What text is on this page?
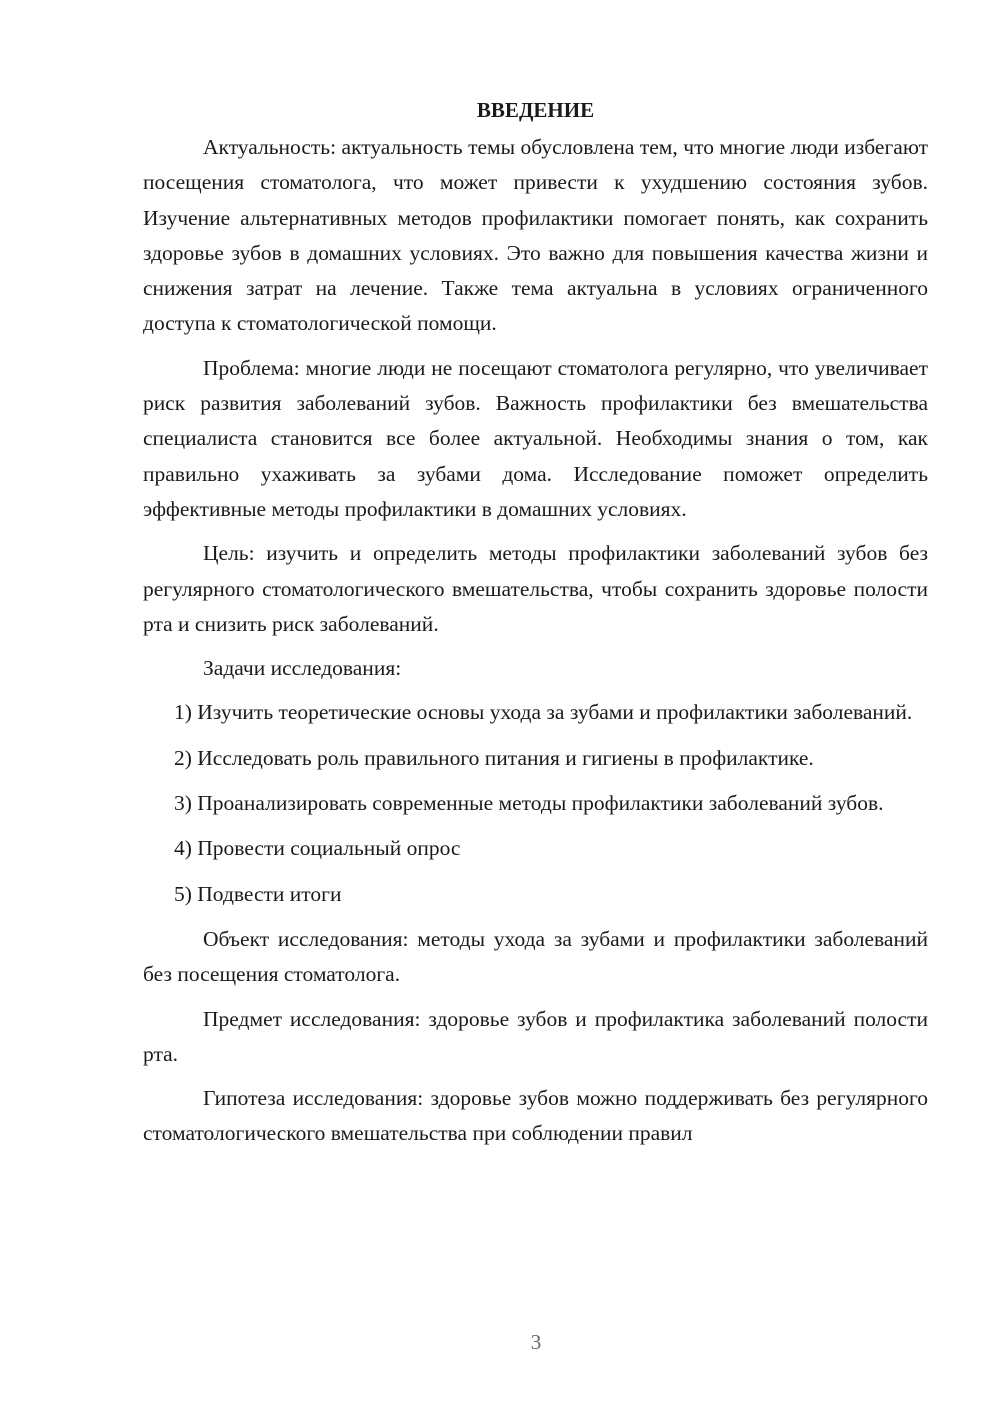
ВВЕДЕНИЕ

Актуальность: актуальность темы обусловлена тем, что многие люди избегают посещения стоматолога, что может привести к ухудшению состояния зубов. Изучение альтернативных методов профилактики помогает понять, как сохранить здоровье зубов в домашних условиях. Это важно для повышения качества жизни и снижения затрат на лечение. Также тема актуальна в условиях ограниченного доступа к стоматологической помощи.

Проблема: многие люди не посещают стоматолога регулярно, что увеличивает риск развития заболеваний зубов. Важность профилактики без вмешательства специалиста становится все более актуальной. Необходимы знания о том, как правильно ухаживать за зубами дома. Исследование поможет определить эффективные методы профилактики в домашних условиях.

Цель: изучить и определить методы профилактики заболеваний зубов без регулярного стоматологического вмешательства, чтобы сохранить здоровье полости рта и снизить риск заболеваний.

Задачи исследования:

1) Изучить теоретические основы ухода за зубами и профилактики заболеваний.

2) Исследовать роль правильного питания и гигиены в профилактике.

3) Проанализировать современные методы профилактики заболеваний зубов.

4) Провести социальный опрос

5) Подвести итоги

Объект исследования: методы ухода за зубами и профилактики заболеваний без посещения стоматолога.

Предмет исследования: здоровье зубов и профилактика заболеваний полости рта.

Гипотеза исследования: здоровье зубов можно поддерживать без регулярного стоматологического вмешательства при соблюдении правил

3
